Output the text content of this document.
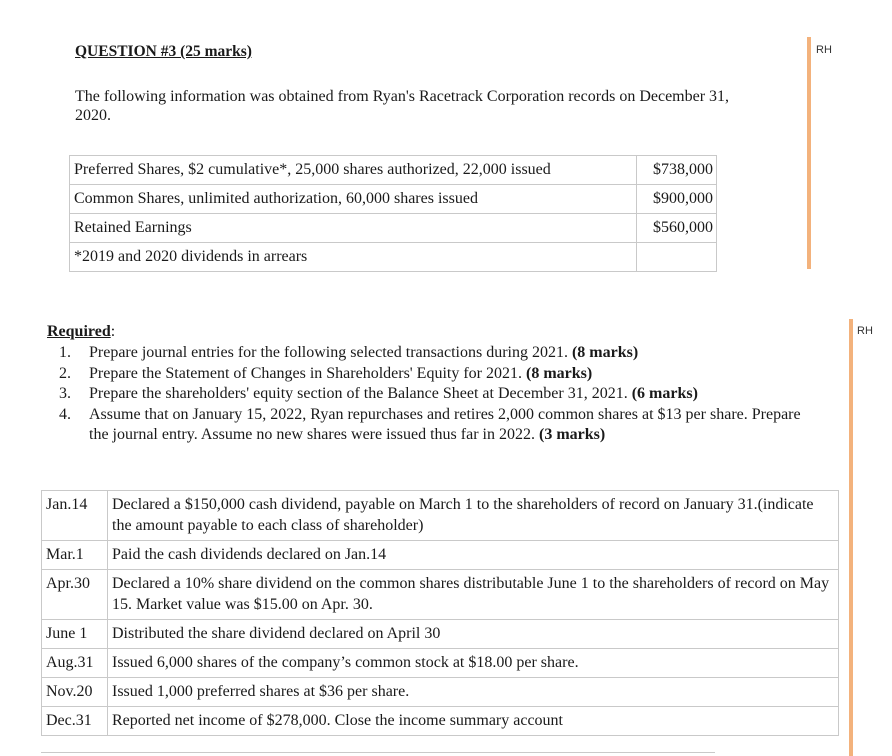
QUESTION #3 (25 marks)
The following information was obtained from Ryan's Racetrack Corporation records on December 31, 2020.
Preferred Shares, $2 cumulative*, 25,000 shares authorized, 22,000 issued	$738,000
Common Shares, unlimited authorization, 60,000 shares issued	$900,000
Retained Earnings	$560,000
*2019 and 2020 dividends in arrears	
Required:
1. Prepare journal entries for the following selected transactions during 2021. (8 marks)
2. Prepare the Statement of Changes in Shareholders' Equity for 2021. (8 marks)
3. Prepare the shareholders' equity section of the Balance Sheet at December 31, 2021. (6 marks)
4. Assume that on January 15, 2022, Ryan repurchases and retires 2,000 common shares at $13 per share. Prepare the journal entry. Assume no new shares were issued thus far in 2022. (3 marks)
Jan.14	Declared a $150,000 cash dividend, payable on March 1 to the shareholders of record on January 31.(indicate the amount payable to each class of shareholder)
Mar.1	Paid the cash dividends declared on Jan.14
Apr.30	Declared a 10% share dividend on the common shares distributable June 1 to the shareholders of record on May 15. Market value was $15.00 on Apr. 30.
June 1	Distributed the share dividend declared on April 30
Aug.31	Issued 6,000 shares of the company’s common stock at $18.00 per share.
Nov.20	Issued 1,000 preferred shares at $36 per share.
Dec.31	Reported net income of $278,000. Close the income summary account
RH
RH
